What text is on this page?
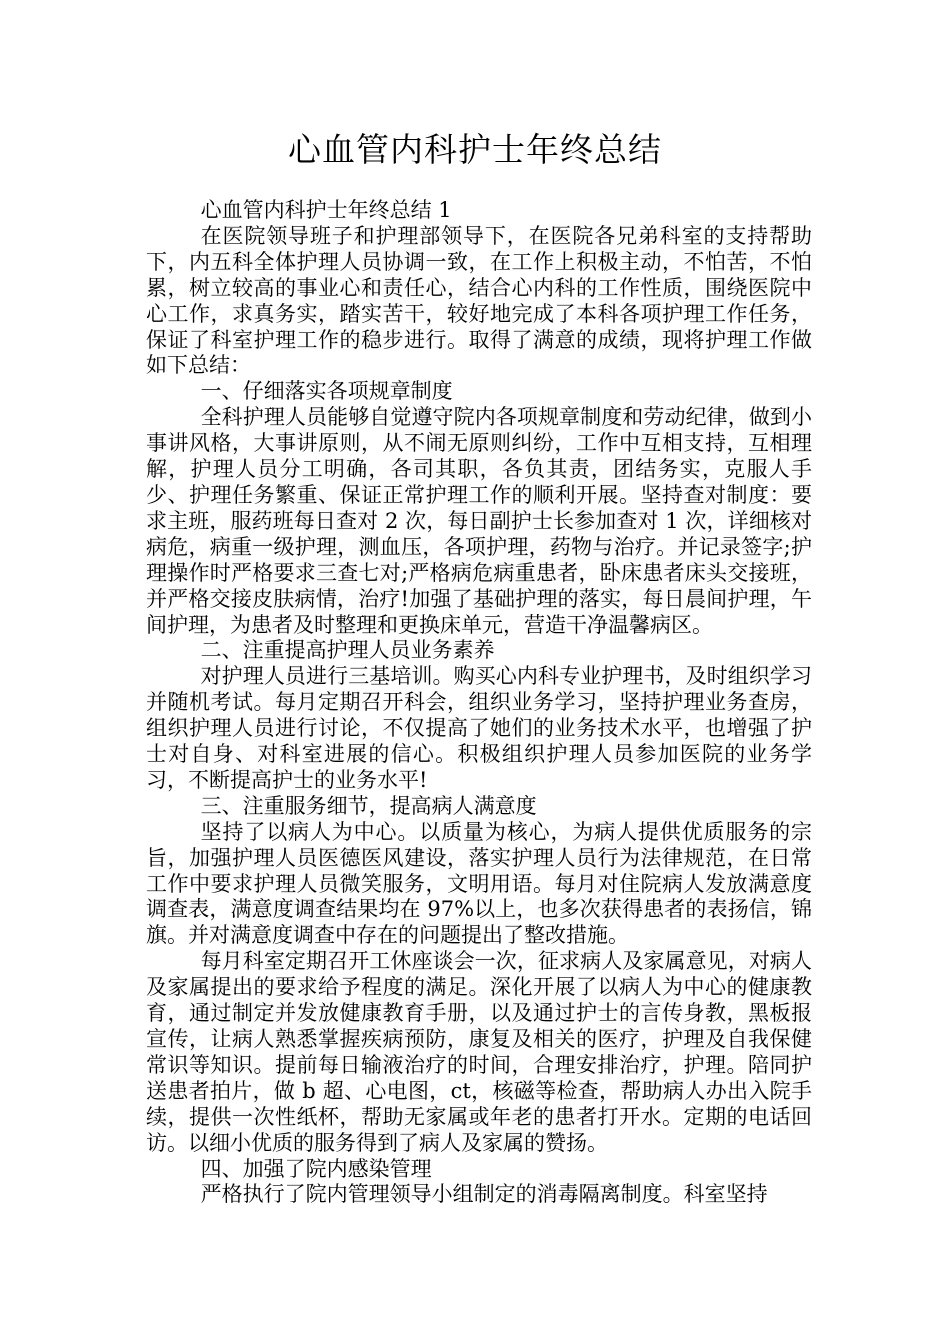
心血管内科护士年终总结

心血管内科护士年终总结 1

在医院领导班子和护理部领导下，在医院各兄弟科室的支持帮助下，内五科全体护理人员协调一致，在工作上积极主动，不怕苦，不怕累，树立较高的事业心和责任心，结合心内科的工作性质，围绕医院中心工作，求真务实，踏实苦干，较好地完成了本科各项护理工作任务，保证了科室护理工作的稳步进行。取得了满意的成绩，现将护理工作做如下总结：

一、仔细落实各项规章制度

全科护理人员能够自觉遵守院内各项规章制度和劳动纪律，做到小事讲风格，大事讲原则，从不闹无原则纠纷，工作中互相支持，互相理解，护理人员分工明确，各司其职，各负其责，团结务实，克服人手少、护理任务繁重、保证正常护理工作的顺利开展。坚持查对制度：要求主班，服药班每日查对 2 次，每日副护士长参加查对 1 次，详细核对病危，病重一级护理，测血压，各项护理，药物与治疗。并记录签字;护理操作时严格要求三查七对;严格病危病重患者，卧床患者床头交接班，并严格交接皮肤病情，治疗!加强了基础护理的落实，每日晨间护理，午间护理，为患者及时整理和更换床单元，营造干净温馨病区。

二、注重提高护理人员业务素养

对护理人员进行三基培训。购买心内科专业护理书，及时组织学习并随机考试。每月定期召开科会，组织业务学习，坚持护理业务查房，组织护理人员进行讨论，不仅提高了她们的业务技术水平，也增强了护士对自身、对科室进展的信心。积极组织护理人员参加医院的业务学习，不断提高护士的业务水平!

三、注重服务细节，提高病人满意度

坚持了以病人为中心。以质量为核心，为病人提供优质服务的宗旨，加强护理人员医德医风建设，落实护理人员行为法律规范，在日常工作中要求护理人员微笑服务，文明用语。每月对住院病人发放满意度调查表，满意度调查结果均在 97%以上，也多次获得患者的表扬信，锦旗。并对满意度调查中存在的问题提出了整改措施。

每月科室定期召开工休座谈会一次，征求病人及家属意见，对病人及家属提出的要求给予程度的满足。深化开展了以病人为中心的健康教育，通过制定并发放健康教育手册，以及通过护士的言传身教，黑板报宣传，让病人熟悉掌握疾病预防，康复及相关的医疗，护理及自我保健常识等知识。提前每日输液治疗的时间，合理安排治疗，护理。陪同护送患者拍片，做 b 超、心电图，ct，核磁等检查，帮助病人办出入院手续，提供一次性纸杯，帮助无家属或年老的患者打开水。定期的电话回访。以细小优质的服务得到了病人及家属的赞扬。

四、加强了院内感染管理

严格执行了院内管理领导小组制定的消毒隔离制度。科室坚持
